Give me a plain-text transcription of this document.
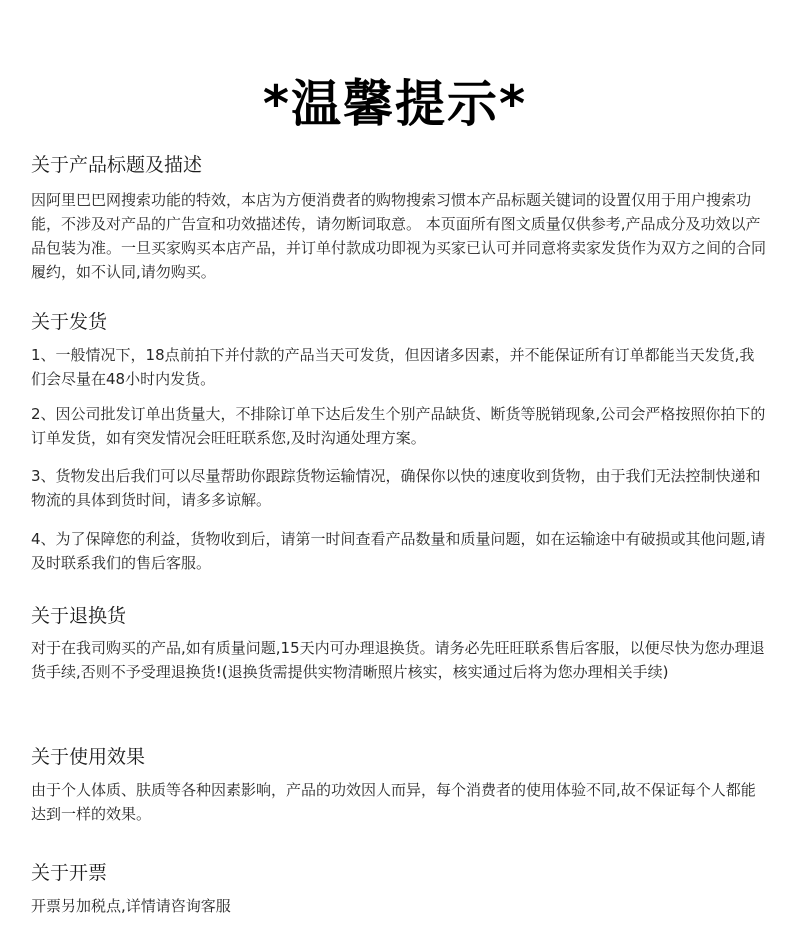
*温馨提示*
关于产品标题及描述
因阿里巴巴网搜索功能的特效，本店为方便消费者的购物搜索习惯本产品标题关键词的设置仅用于用户搜索功能，不涉及对产品的广告宣和功效描述传，请勿断词取意。 本页面所有图文质量仅供参考,产品成分及功效以产品包装为准。一旦买家购买本店产品，并订单付款成功即视为买家已认可并同意将卖家发货作为双方之间的合同履约，如不认同,请勿购买。
关于发货
1、一般情况下，18点前拍下并付款的产品当天可发货，但因诸多因素，并不能保证所有订单都能当天发货,我们会尽量在48小时内发货。
2、因公司批发订单出货量大，不排除订单下达后发生个别产品缺货、断货等脱销现象,公司会严格按照你拍下的订单发货，如有突发情况会旺旺联系您,及时沟通处理方案。
3、货物发出后我们可以尽量帮助你跟踪货物运输情况，确保你以快的速度收到货物，由于我们无法控制快递和物流的具体到货时间，请多多谅解。
4、为了保障您的利益，货物收到后，请第一时间查看产品数量和质量问题，如在运输途中有破损或其他问题,请及时联系我们的售后客服。
关于退换货
对于在我司购买的产品,如有质量问题,15天内可办理退换货。请务必先旺旺联系售后客服，以便尽快为您办理退货手续,否则不予受理退换货!(退换货需提供实物清晰照片核实，核实通过后将为您办理相关手续)
关于使用效果
由于个人体质、肤质等各种因素影响，产品的功效因人而异，每个消费者的使用体验不同,故不保证每个人都能达到一样的效果。
关于开票
开票另加税点,详情请咨询客服
